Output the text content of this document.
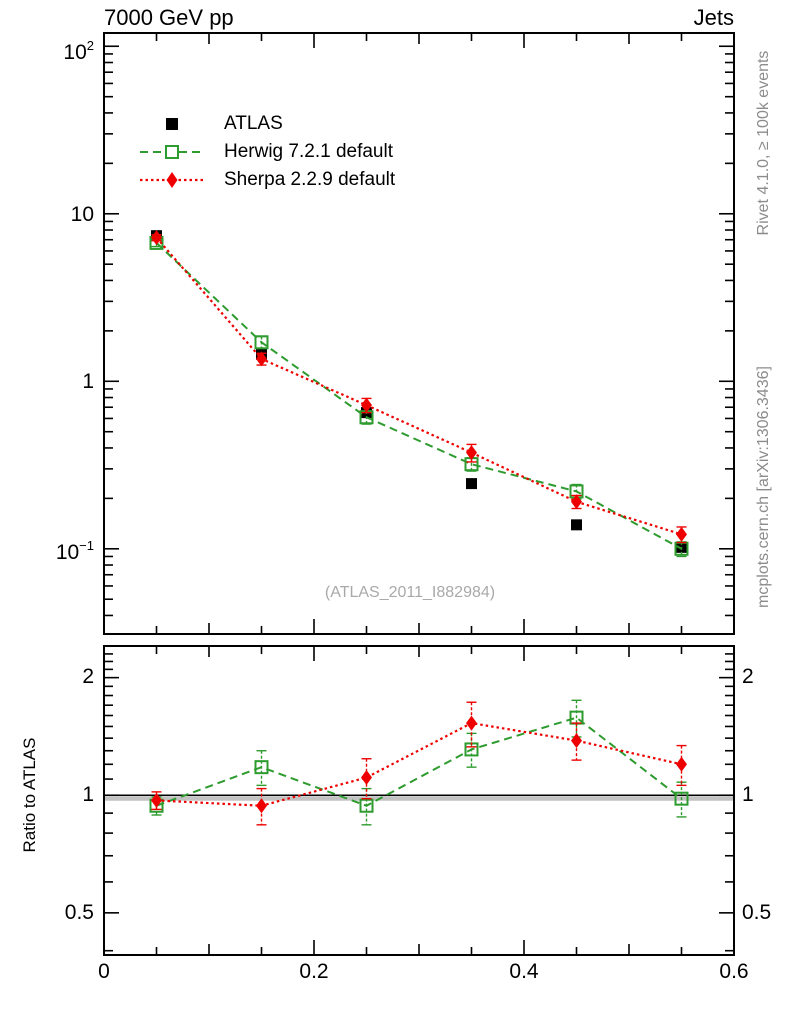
7000 GeV pp	Jets
Rivet 4.1.0, ≥ 100k events
mcplots.cern.ch [arXiv:1306.3436]
Ratio to ATLAS
(ATLAS_2011_I882984)
$10^2$
10
1
$10^{-1}$
2
1
0.5
2
1
0.5
0	0.2	0.4	0.6
ATLAS
Herwig 7.2.1 default
Sherpa 2.2.9 default
